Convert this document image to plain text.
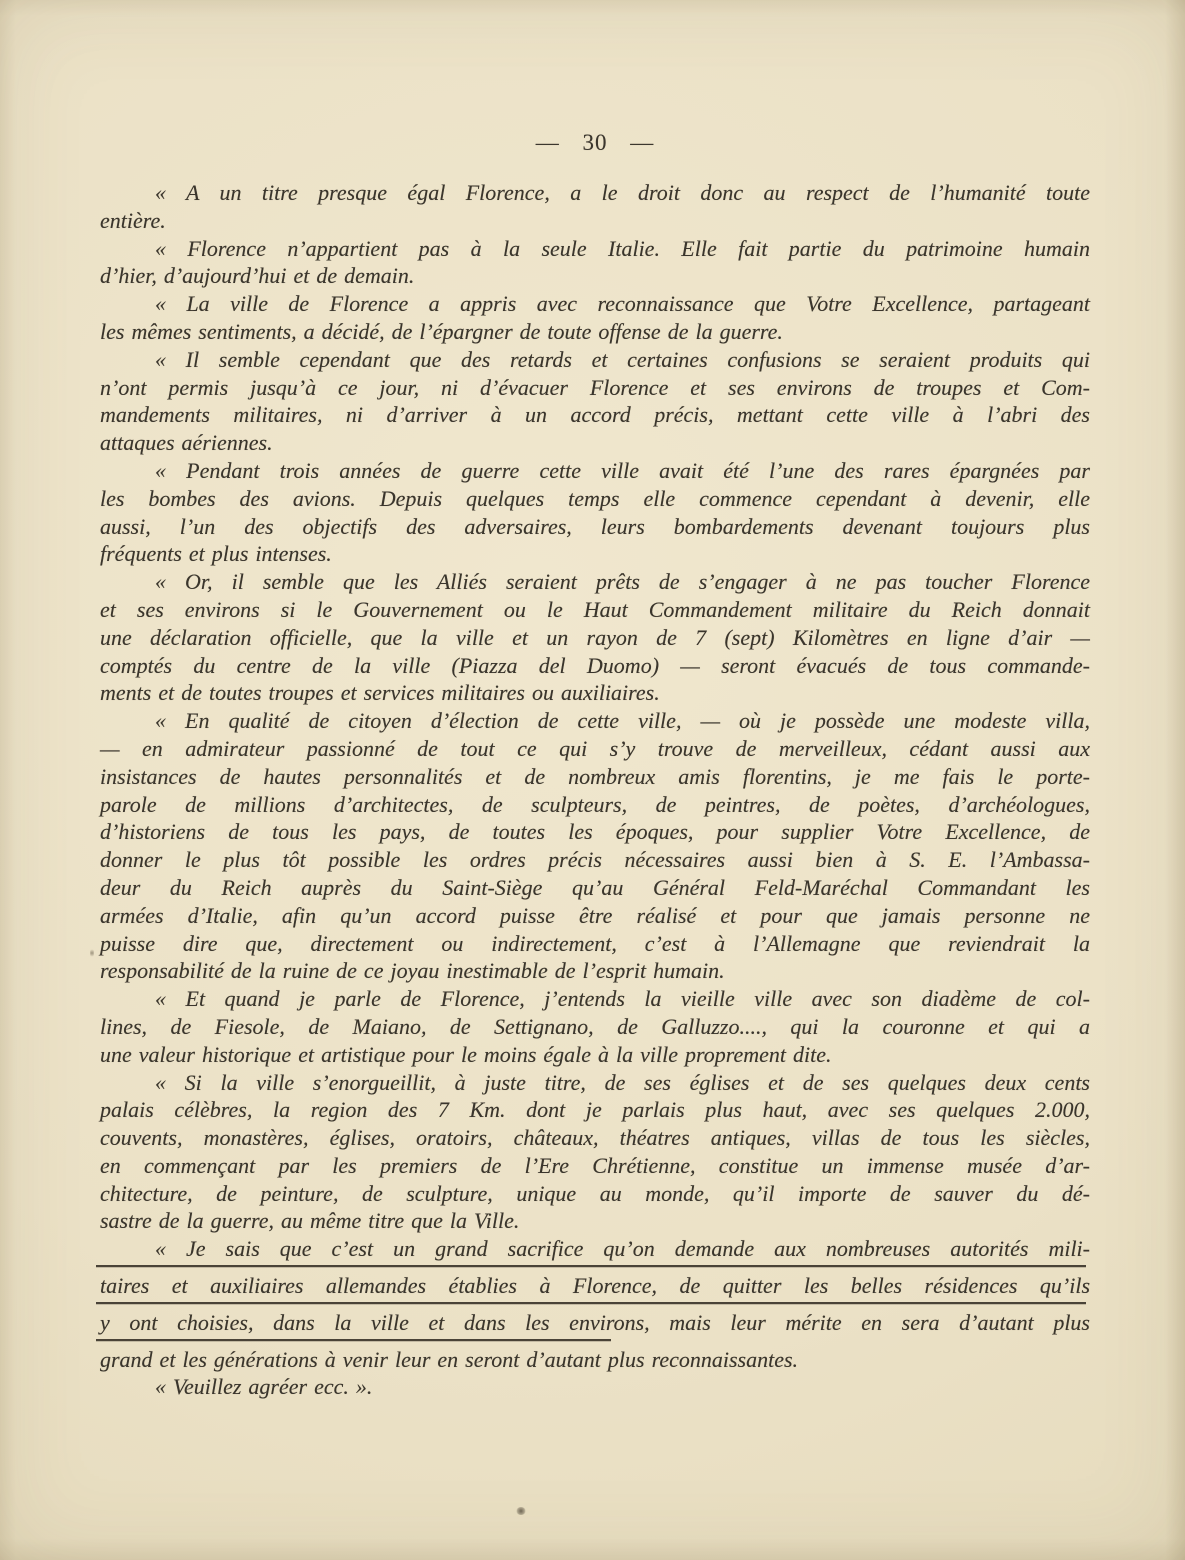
— 30 —
« A un titre presque égal Florence, a le droit donc au respect de l’humanité toute
entière.
« Florence n’appartient pas à la seule Italie. Elle fait partie du patrimoine humain
d’hier, d’aujourd’hui et de demain.
« La ville de Florence a appris avec reconnaissance que Votre Excellence, partageant
les mêmes sentiments, a décidé, de l’épargner de toute offense de la guerre.
« Il semble cependant que des retards et certaines confusions se seraient produits qui
n’ont permis jusqu’à ce jour, ni d’évacuer Florence et ses environs de troupes et Com-
mandements militaires, ni d’arriver à un accord précis, mettant cette ville à l’abri des
attaques aériennes.
« Pendant trois années de guerre cette ville avait été l’une des rares épargnées par
les bombes des avions. Depuis quelques temps elle commence cependant à devenir, elle
aussi, l’un des objectifs des adversaires, leurs bombardements devenant toujours plus
fréquents et plus intenses.
« Or, il semble que les Alliés seraient prêts de s’engager à ne pas toucher Florence
et ses environs si le Gouvernement ou le Haut Commandement militaire du Reich donnait
une déclaration officielle, que la ville et un rayon de 7 (sept) Kilomètres en ligne d’air —
comptés du centre de la ville (Piazza del Duomo) — seront évacués de tous commande-
ments et de toutes troupes et services militaires ou auxiliaires.
« En qualité de citoyen d’élection de cette ville, — où je possède une modeste villa,
— en admirateur passionné de tout ce qui s’y trouve de merveilleux, cédant aussi aux
insistances de hautes personnalités et de nombreux amis florentins, je me fais le porte-
parole de millions d’architectes, de sculpteurs, de peintres, de poètes, d’archéologues,
d’historiens de tous les pays, de toutes les époques, pour supplier Votre Excellence, de
donner le plus tôt possible les ordres précis nécessaires aussi bien à S. E. l’Ambassa-
deur du Reich auprès du Saint-Siège qu’au Général Feld-Maréchal Commandant les
armées d’Italie, afin qu’un accord puisse être réalisé et pour que jamais personne ne
puisse dire que, directement ou indirectement, c’est à l’Allemagne que reviendrait la
responsabilité de la ruine de ce joyau inestimable de l’esprit humain.
« Et quand je parle de Florence, j’entends la vieille ville avec son diadème de col-
lines, de Fiesole, de Maiano, de Settignano, de Galluzzo...., qui la couronne et qui a
une valeur historique et artistique pour le moins égale à la ville proprement dite.
« Si la ville s’enorgueillit, à juste titre, de ses églises et de ses quelques deux cents
palais célèbres, la region des 7 Km. dont je parlais plus haut, avec ses quelques 2.000,
couvents, monastères, églises, oratoirs, châteaux, théatres antiques, villas de tous les siècles,
en commençant par les premiers de l’Ere Chrétienne, constitue un immense musée d’ar-
chitecture, de peinture, de sculpture, unique au monde, qu’il importe de sauver du dé-
sastre de la guerre, au même titre que la Ville.
« Je sais que c’est un grand sacrifice qu’on demande aux nombreuses autorités mili-
taires et auxiliaires allemandes établies à Florence, de quitter les belles résidences qu’ils
y ont choisies, dans la ville et dans les environs, mais leur mérite en sera d’autant plus
grand et les générations à venir leur en seront d’autant plus reconnaissantes.
« Veuillez agréer ecc. ».
